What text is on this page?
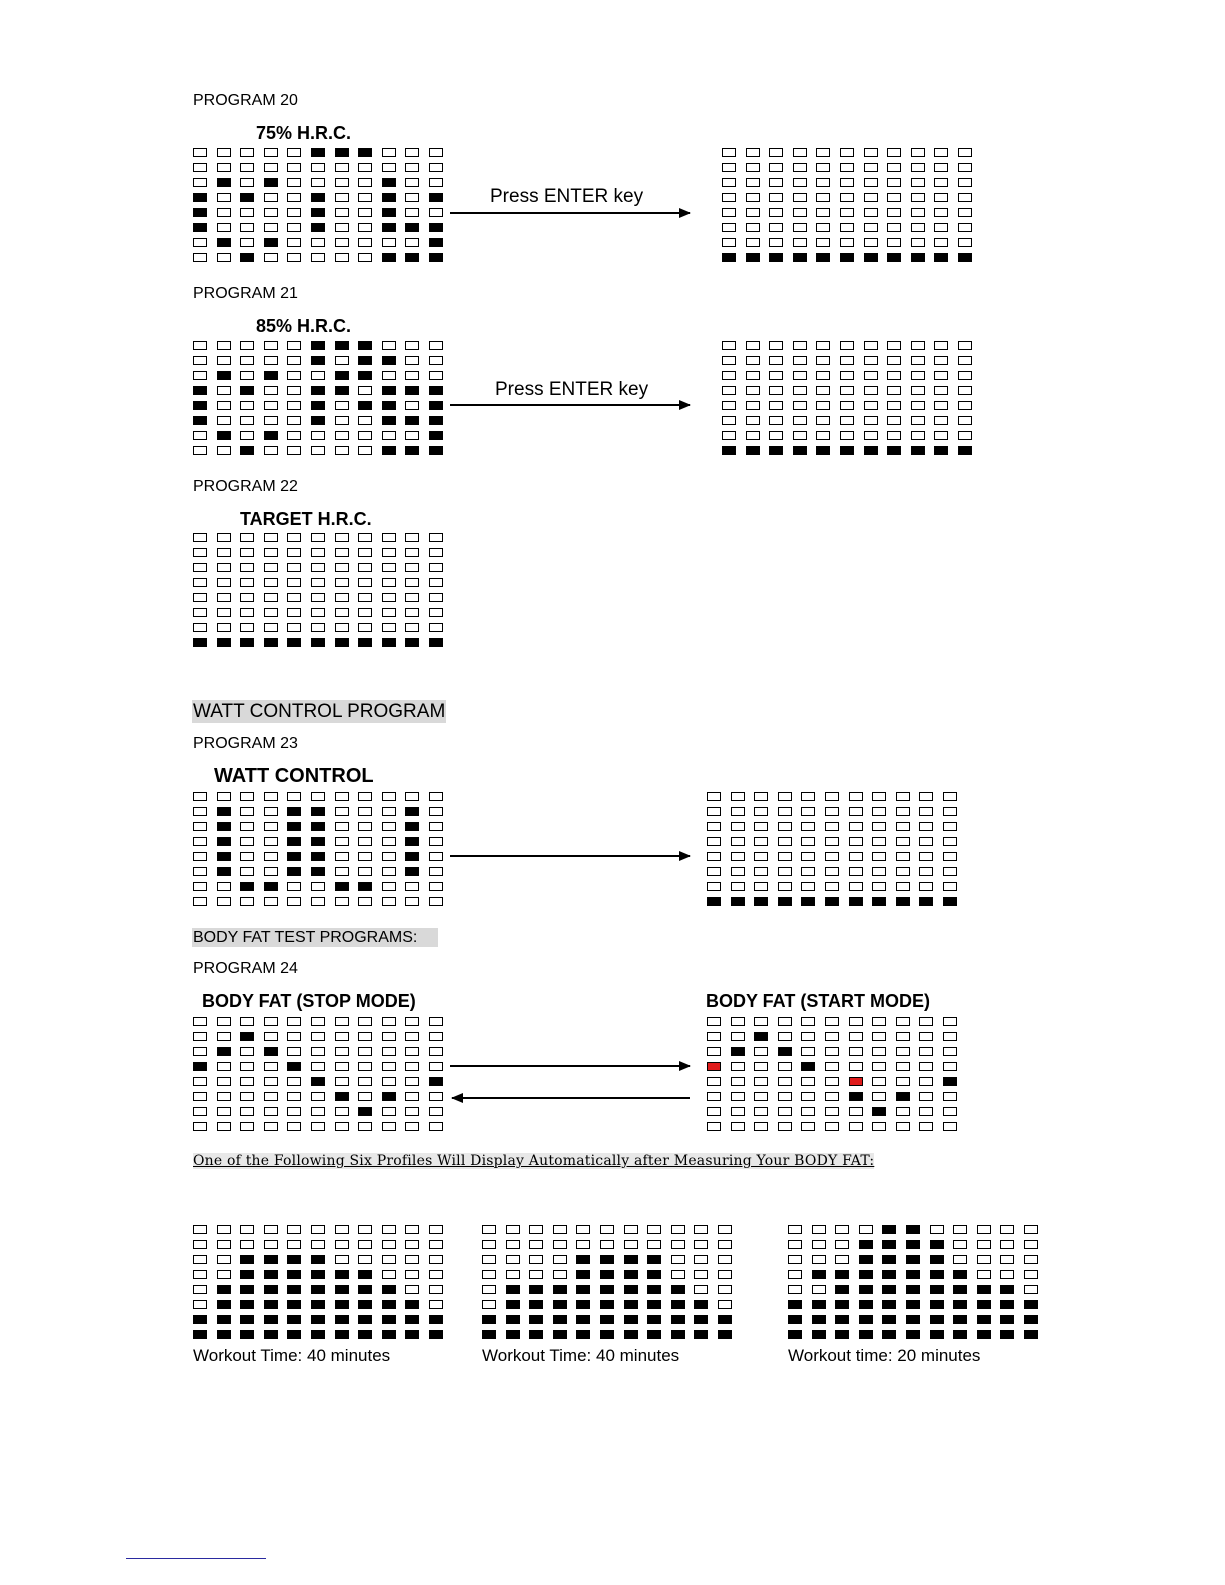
PROGRAM 20
75% H.R.C.
Press ENTER key
PROGRAM 21
85% H.R.C.
Press ENTER key
PROGRAM 22
TARGET H.R.C.
WATT CONTROL PROGRAM
PROGRAM 23
WATT CONTROL
BODY FAT TEST PROGRAMS:
PROGRAM 24
BODY FAT (STOP MODE)	BODY FAT (START MODE)
One of the Following Six Profiles Will Display Automatically after Measuring Your BODY FAT:
Workout Time: 40 minutes	Workout Time: 40 minutes	Workout time: 20 minutes
